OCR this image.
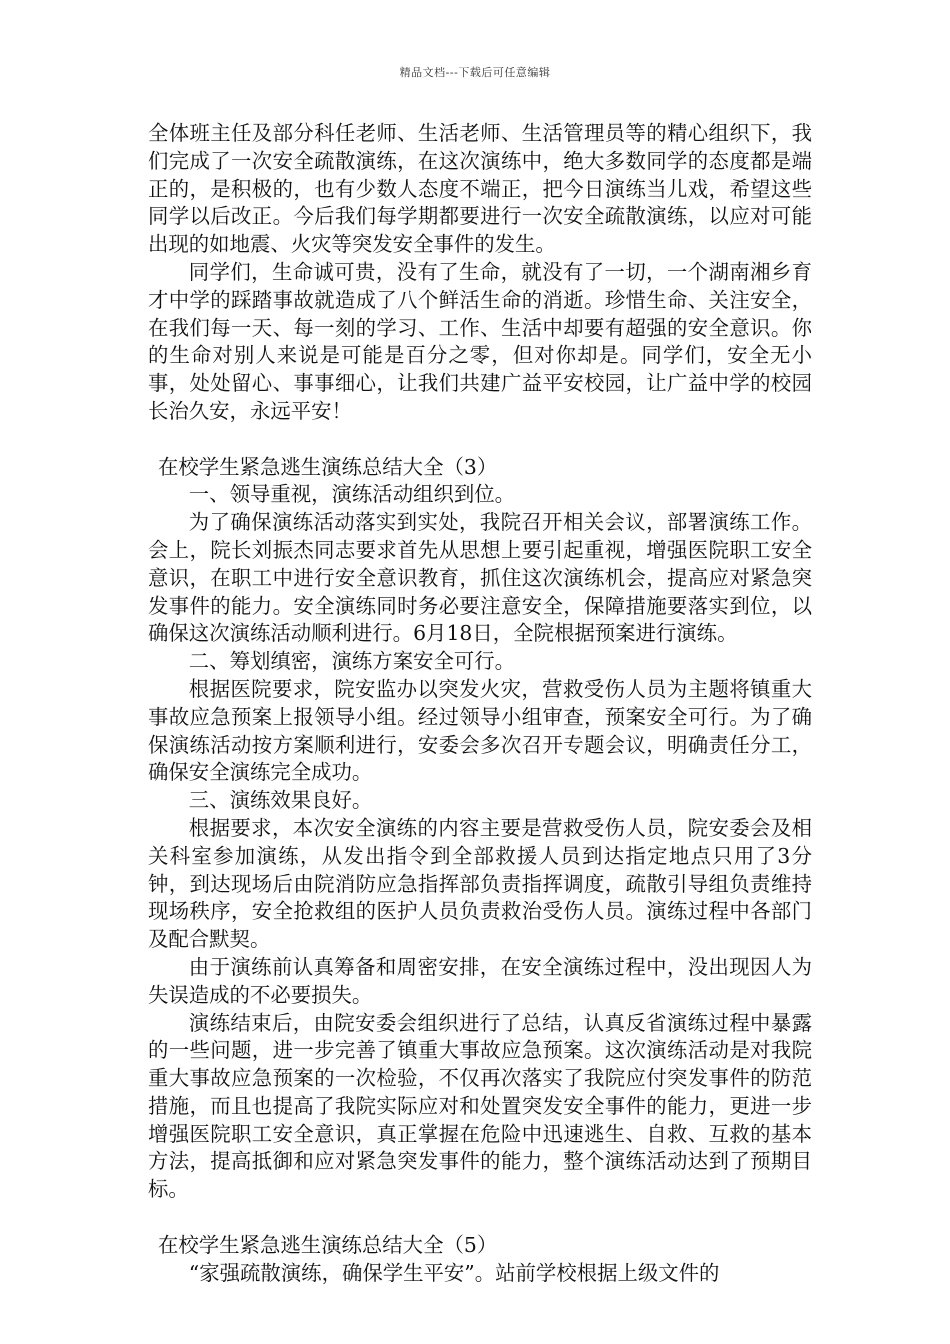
精品文档---下载后可任意编辑

全体班主任及部分科任老师、生活老师、生活管理员等的精心组织下，我们完成了一次安全疏散演练，在这次演练中，绝大多数同学的态度都是端正的，是积极的，也有少数人态度不端正，把今日演练当儿戏，希望这些同学以后改正。今后我们每学期都要进行一次安全疏散演练，以应对可能出现的如地震、火灾等突发安全事件的发生。

同学们，生命诚可贵，没有了生命，就没有了一切，一个湖南湘乡育才中学的踩踏事故就造成了八个鲜活生命的消逝。珍惜生命、关注安全，在我们每一天、每一刻的学习、工作、生活中却要有超强的安全意识。你的生命对别人来说是可能是百分之零，但对你却是。同学们，安全无小事，处处留心、事事细心，让我们共建广益平安校园，让广益中学的校园长治久安，永远平安！

在校学生紧急逃生演练总结大全（3）

一、领导重视，演练活动组织到位。

为了确保演练活动落实到实处，我院召开相关会议，部署演练工作。会上，院长刘振杰同志要求首先从思想上要引起重视，增强医院职工安全意识，在职工中进行安全意识教育，抓住这次演练机会，提高应对紧急突发事件的能力。安全演练同时务必要注意安全，保障措施要落实到位，以确保这次演练活动顺利进行。6月18日，全院根据预案进行演练。

二、筹划缜密，演练方案安全可行。

根据医院要求，院安监办以突发火灾，营救受伤人员为主题将镇重大事故应急预案上报领导小组。经过领导小组审查，预案安全可行。为了确保演练活动按方案顺利进行，安委会多次召开专题会议，明确责任分工，确保安全演练完全成功。

三、演练效果良好。

根据要求，本次安全演练的内容主要是营救受伤人员，院安委会及相关科室参加演练，从发出指令到全部救援人员到达指定地点只用了3分钟，到达现场后由院消防应急指挥部负责指挥调度，疏散引导组负责维持现场秩序，安全抢救组的医护人员负责救治受伤人员。演练过程中各部门及配合默契。

由于演练前认真筹备和周密安排，在安全演练过程中，没出现因人为失误造成的不必要损失。

演练结束后，由院安委会组织进行了总结，认真反省演练过程中暴露的一些问题，进一步完善了镇重大事故应急预案。这次演练活动是对我院重大事故应急预案的一次检验，不仅再次落实了我院应付突发事件的防范措施，而且也提高了我院实际应对和处置突发安全事件的能力，更进一步增强医院职工安全意识，真正掌握在危险中迅速逃生、自救、互救的基本方法，提高抵御和应对紧急突发事件的能力，整个演练活动达到了预期目标。

在校学生紧急逃生演练总结大全（5）

“家强疏散演练，确保学生平安”。站前学校根据上级文件的
